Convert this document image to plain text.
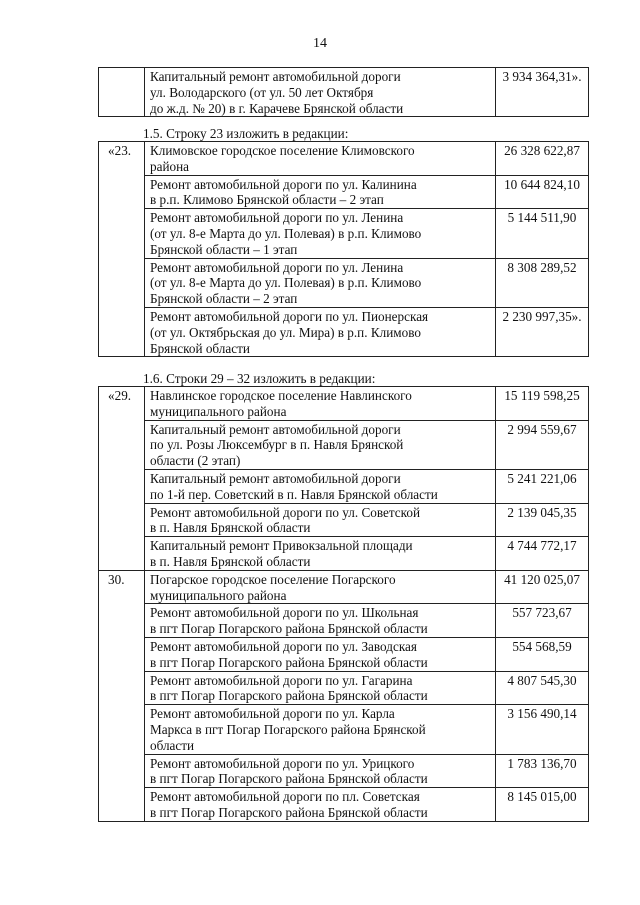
14

Капитальный ремонт автомобильной дороги
ул. Володарского (от ул. 50 лет Октября
до ж.д. № 20) в г. Карачеве Брянской области
	3 934 364,31».
1.5. Строку 23 изложить в редакции:
«23.	Климовское городское поселение Климовского
района	26 328 622,87

	Ремонт автомобильной дороги по ул. Калинина
в р.п. Климово Брянской области – 2 этап	10 644 824,10

	Ремонт автомобильной дороги по ул. Ленина
(от ул. 8-е Марта до ул. Полевая) в р.п. Климово
Брянской области – 1 этап	5 144 511,90

	Ремонт автомобильной дороги по ул. Ленина
(от ул. 8-е Марта до ул. Полевая) в р.п. Климово
Брянской области – 2 этап	8 308 289,52

	Ремонт автомобильной дороги по ул. Пионерская
(от ул. Октябрьская до ул. Мира) в р.п. Климово
Брянской области	2 230 997,35».
1.6. Строки 29 – 32 изложить в редакции:
«29.	Навлинское городское поселение Навлинского
муниципального района	15 119 598,25

	Капитальный ремонт автомобильной дороги
по ул. Розы Люксембург в п. Навля Брянской
области (2 этап)	2 994 559,67

	Капитальный ремонт автомобильной дороги
по 1-й пер. Советский в п. Навля Брянской области	5 241 221,06

	Ремонт автомобильной дороги по ул. Советской
в п. Навля Брянской области	2 139 045,35

	Капитальный ремонт Привокзальной площади
в п. Навля Брянской области	4 744 772,17
30.	Погарское городское поселение Погарского
муниципального района	41 120 025,07

	Ремонт автомобильной дороги по ул. Школьная
в пгт Погар Погарского района Брянской области	557 723,67

	Ремонт автомобильной дороги по ул. Заводская
в пгт Погар Погарского района Брянской области	554 568,59

	Ремонт автомобильной дороги по ул. Гагарина
в пгт Погар Погарского района Брянской области	4 807 545,30

	Ремонт автомобильной дороги по ул. Карла
Маркса в пгт Погар Погарского района Брянской
области	3 156 490,14

	Ремонт автомобильной дороги по ул. Урицкого
в пгт Погар Погарского района Брянской области	1 783 136,70

	Ремонт автомобильной дороги по пл. Советская
в пгт Погар Погарского района Брянской области	8 145 015,00
